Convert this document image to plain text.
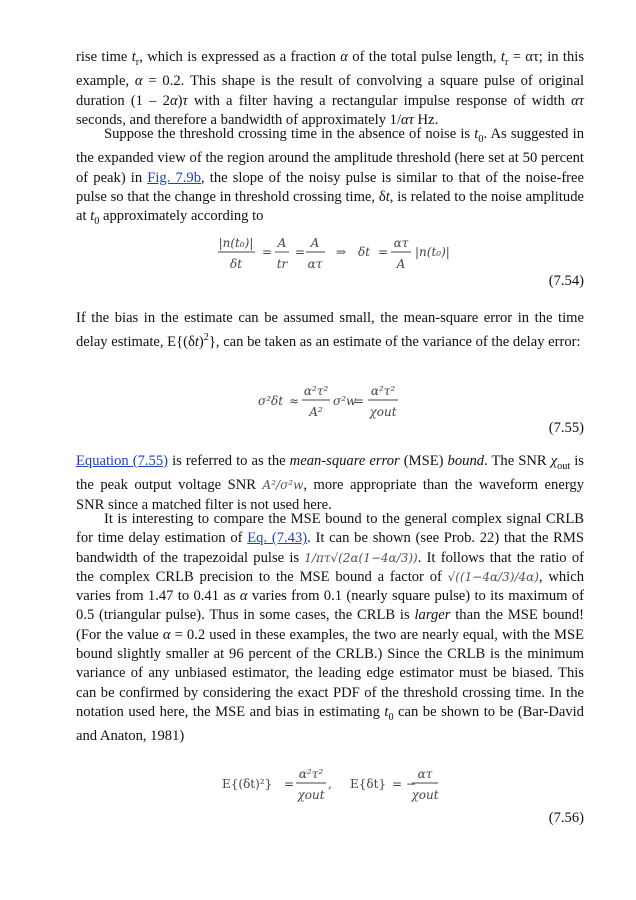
rise time $t_r$, which is expressed as a fraction α of the total pulse length, $t_r = \alpha\tau$; in this example, α = 0.2. This shape is the result of convolving a square pulse of original duration (1 – 2α)τ with a filter having a rectangular impulse response of width ατ seconds, and therefore a bandwidth of approximately 1/ατ Hz.

Suppose the threshold crossing time in the absence of noise is $t_0$. As suggested in the expanded view of the region around the amplitude threshold (here set at 50 percent of peak) in Fig. 7.9b, the slope of the noisy pulse is similar to that of the noise-free pulse so that the change in threshold crossing time, δt, is related to the noise amplitude at $t_0$ approximately according to

|n(t₀)|
δt
=
A
tr
=
A
ατ
⇒ δt =
ατ
A
|n(t₀)|
(7.54)

If the bias in the estimate can be assumed small, the mean-square error in the time delay estimate, $E\{(\delta t)^2\}$, can be taken as an estimate of the variance of the delay error:

σ²δt ≈
α²τ²
A²
σ²w
=
α²τ²
χout
(7.55)

Equation (7.55) is referred to as the mean-square error (MSE) bound. The SNR $\chi_{out}$ is the peak output voltage SNR A²/σ²w, more appropriate than the waveform energy SNR since a matched filter is not used here.

It is interesting to compare the MSE bound to the general complex signal CRLB for time delay estimation of Eq. (7.43). It can be shown (see Prob. 22) that the RMS bandwidth of the trapezoidal pulse is 1/πτ√(2α(1−4α/3)). It follows that the ratio of the complex CRLB precision to the MSE bound a factor of √((1−4α/3)/4α), which varies from 1.47 to 0.41 as α varies from 0.1 (nearly square pulse) to its maximum of 0.5 (triangular pulse). Thus in some cases, the CRLB is larger than the MSE bound! (For the value α = 0.2 used in these examples, the two are nearly equal, with the MSE bound slightly smaller at 96 percent of the CRLB.) Since the CRLB is the minimum variance of any unbiased estimator, the leading edge estimator must be biased. This can be confirmed by considering the exact PDF of the threshold crossing time. In the notation used here, the MSE and bias in estimating $t_0$ can be shown to be (Bar-David and Anaton, 1981)

E{(δt)²} =
α²τ²
χout
, E{δt} = −
ατ
χout
(7.56)
